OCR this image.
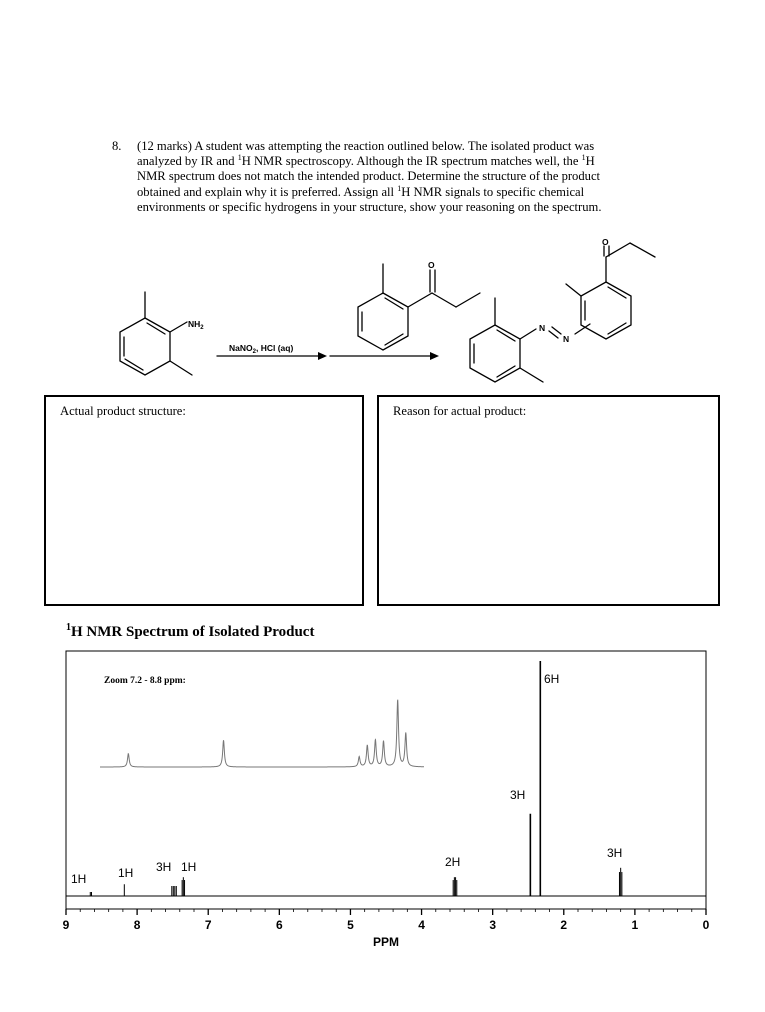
8. (12 marks) A student was attempting the reaction outlined below. The isolated product was
analyzed by IR and $^1$H NMR spectroscopy. Although the IR spectrum matches well, the $^1$H
NMR spectrum does not match the intended product. Determine the structure of the product
obtained and explain why it is preferred. Assign all $^1$H NMR signals to specific chemical
environments or specific hydrogens in your structure, show your reasoning on the spectrum.
$NH_2$
NaNO$_2$, HCl (aq)
O
O
N
N
Actual product structure:	Reason for actual product:
$^1$H NMR Spectrum of Isolated Product
9	8	7	6	5	4	3	2	1	0
PPM
Zoom 7.2 - 8.8 ppm:
1H	1H 3H 1H	2H
3H
6H
3H
